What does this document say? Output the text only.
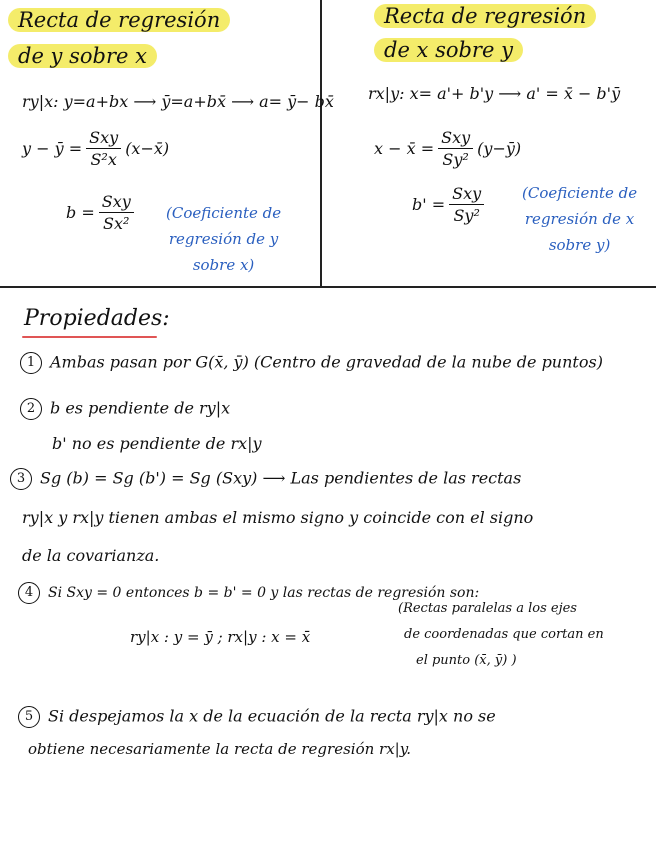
Recta de regresión
de y sobre x
ry|x: y=a+bx ⟶ ȳ=a+bx̄ ⟶ a= ȳ− bx̄
y − ȳ = $\frac{\text{Sxy}}{\text{S²x}}$ (x−x̄)
$b = \frac{\text{Sxy}}{\text{Sx²}}$ (Coeficiente de
regresión de y
sobre x)
Recta de regresión
de x sobre y
rx|y: x= a'+ b'y ⟶ a' = x̄ − b'ȳ
x − x̄ = $\frac{\text{Sxy}}{\text{Sy²}}$ (y−ȳ)
$b' = \frac{\text{Sxy}}{\text{Sy²}}$	(Coeficiente de
regresión de x
sobre y)
Propiedades:
1 Ambas pasan por G(x̄, ȳ) (Centro de gravedad de la nube de puntos)
2 b es pendiente de ry|x
b' no es pendiente de rx|y
3 Sg (b) = Sg (b') = Sg (Sxy) ⟶ Las pendientes de las rectas
ry|x y rx|y tienen ambas el mismo signo y coincide con el signo
de la covarianza.
4 Si Sxy = 0 entonces b = b' = 0 y las rectas de regresión son:
ry|x : y = ȳ ; rx|y : x = x̄
(Rectas paralelas a los ejes
de coordenadas que cortan en
el punto (x̄, ȳ) )
5 Si despejamos la x de la ecuación de la recta ry|x no se
obtiene necesariamente la recta de regresión rx|y.
